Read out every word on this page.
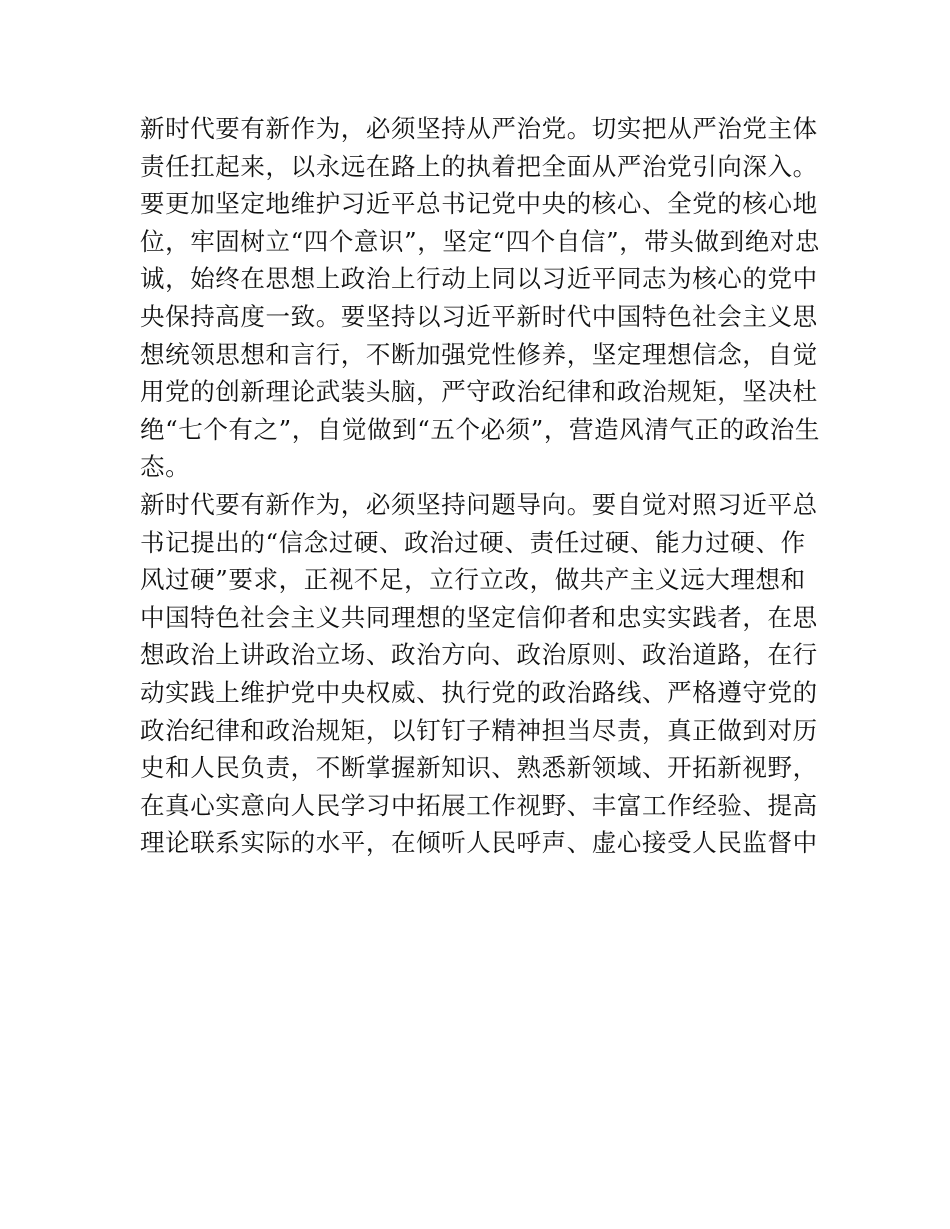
新时代要有新作为，必须坚持从严治党。切实把从严治党主体
责任扛起来，以永远在路上的执着把全面从严治党引向深入。
要更加坚定地维护习近平总书记党中央的核心、全党的核心地
位，牢固树立“四个意识”，坚定“四个自信”，带头做到绝对忠
诚，始终在思想上政治上行动上同以习近平同志为核心的党中
央保持高度一致。要坚持以习近平新时代中国特色社会主义思
想统领思想和言行，不断加强党性修养，坚定理想信念，自觉
用党的创新理论武装头脑，严守政治纪律和政治规矩，坚决杜
绝“七个有之”，自觉做到“五个必须”，营造风清气正的政治生
态。
新时代要有新作为，必须坚持问题导向。要自觉对照习近平总
书记提出的“信念过硬、政治过硬、责任过硬、能力过硬、作
风过硬”要求，正视不足，立行立改，做共产主义远大理想和
中国特色社会主义共同理想的坚定信仰者和忠实实践者，在思
想政治上讲政治立场、政治方向、政治原则、政治道路，在行
动实践上维护党中央权威、执行党的政治路线、严格遵守党的
政治纪律和政治规矩，以钉钉子精神担当尽责，真正做到对历
史和人民负责，不断掌握新知识、熟悉新领域、开拓新视野，
在真心实意向人民学习中拓展工作视野、丰富工作经验、提高
理论联系实际的水平，在倾听人民呼声、虚心接受人民监督中
